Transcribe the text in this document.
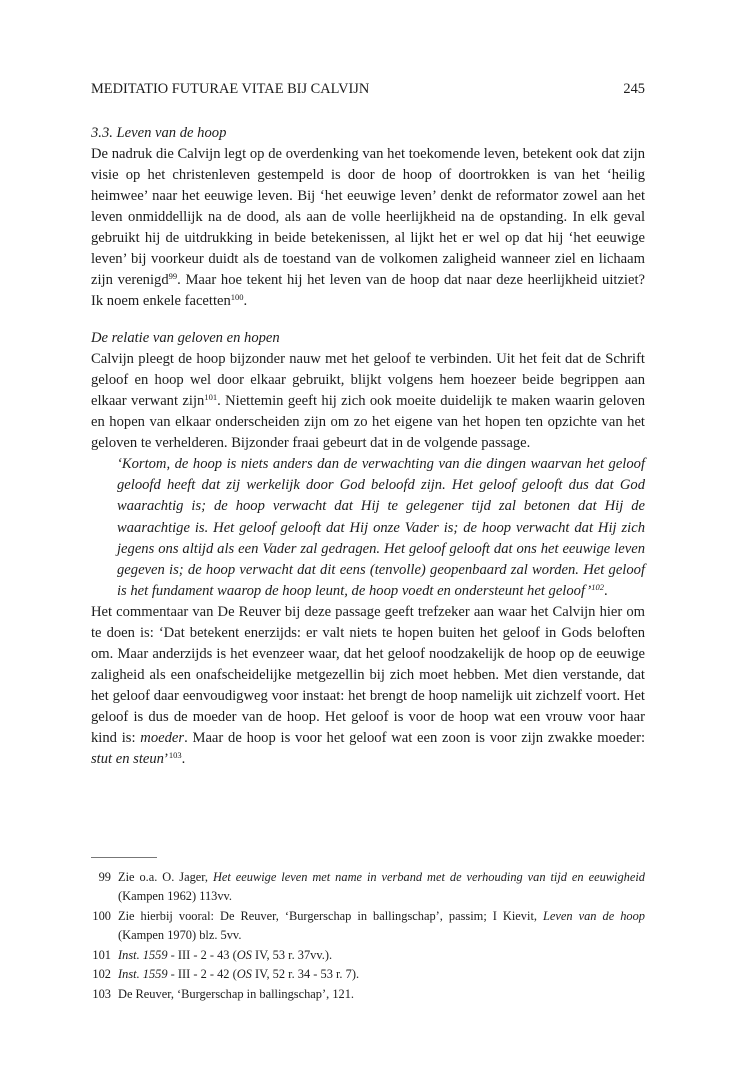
MEDITATIO FUTURAE VITAE BIJ CALVIJN	245
3.3. Leven van de hoop

De nadruk die Calvijn legt op de overdenking van het toekomende leven, betekent ook dat zijn visie op het christenleven gestempeld is door de hoop of doortrokken is van het ‘heilig heimwee’ naar het eeuwige leven. Bij ‘het eeuwige leven’ denkt de reformator zowel aan het leven onmiddellijk na de dood, als aan de volle heerlijkheid na de opstanding. In elk geval gebruikt hij de uitdrukking in beide betekenissen, al lijkt het er wel op dat hij ‘het eeuwige leven’ bij voorkeur duidt als de toestand van de volkomen zaligheid wanneer ziel en lichaam zijn verenigd$^{99}$. Maar hoe tekent hij het leven van de hoop dat naar deze heerlijkheid uitziet? Ik noem enkele facetten$^{100}$.

De relatie van geloven en hopen

Calvijn pleegt de hoop bijzonder nauw met het geloof te verbinden. Uit het feit dat de Schrift geloof en hoop wel door elkaar gebruikt, blijkt volgens hem hoezeer beide begrippen aan elkaar verwant zijn$^{101}$. Niettemin geeft hij zich ook moeite duidelijk te maken waarin geloven en hopen van elkaar onderscheiden zijn om zo het eigene van het hopen ten opzichte van het geloven te verhelderen. Bijzonder fraai gebeurt dat in de volgende passage.

‘Kortom, de hoop is niets anders dan de verwachting van die dingen waarvan het geloof geloofd heeft dat zij werkelijk door God beloofd zijn. Het geloof gelooft dus dat God waarachtig is; de hoop verwacht dat Hij te gelegener tijd zal betonen dat Hij de waarachtige is. Het geloof gelooft dat Hij onze Vader is; de hoop verwacht dat Hij zich jegens ons altijd als een Vader zal gedragen. Het geloof gelooft dat ons het eeuwige leven gegeven is; de hoop verwacht dat dit eens (tenvolle) geopenbaard zal worden. Het geloof is het fundament waarop de hoop leunt, de hoop voedt en ondersteunt het geloof’$^{102}$.

Het commentaar van De Reuver bij deze passage geeft trefzeker aan waar het Calvijn hier om te doen is: ‘Dat betekent enerzijds: er valt niets te hopen buiten het geloof in Gods beloften om. Maar anderzijds is het evenzeer waar, dat het geloof noodzakelijk de hoop op de eeuwige zaligheid als een onafscheidelijke metgezellin bij zich moet hebben. Met dien verstande, dat het geloof daar eenvoudigweg voor instaat: het brengt de hoop namelijk uit zichzelf voort. Het geloof is dus de moeder van de hoop. Het geloof is voor de hoop wat een vrouw voor haar kind is: moeder. Maar de hoop is voor het geloof wat een zoon is voor zijn zwakke moeder: stut en steun’$^{103}$.

99 Zie o.a. O. Jager, Het eeuwige leven met name in verband met de verhouding van tijd en eeuwigheid (Kampen 1962) 113vv.
100 Zie hierbij vooral: De Reuver, ‘Burgerschap in ballingschap’, passim; I Kievit, Leven van de hoop (Kampen 1970) blz. 5vv.
101 Inst. 1559 - III - 2 - 43 (OS IV, 53 r. 37vv.).
102 Inst. 1559 - III - 2 - 42 (OS IV, 52 r. 34 - 53 r. 7).
103 De Reuver, ‘Burgerschap in ballingschap’, 121.
